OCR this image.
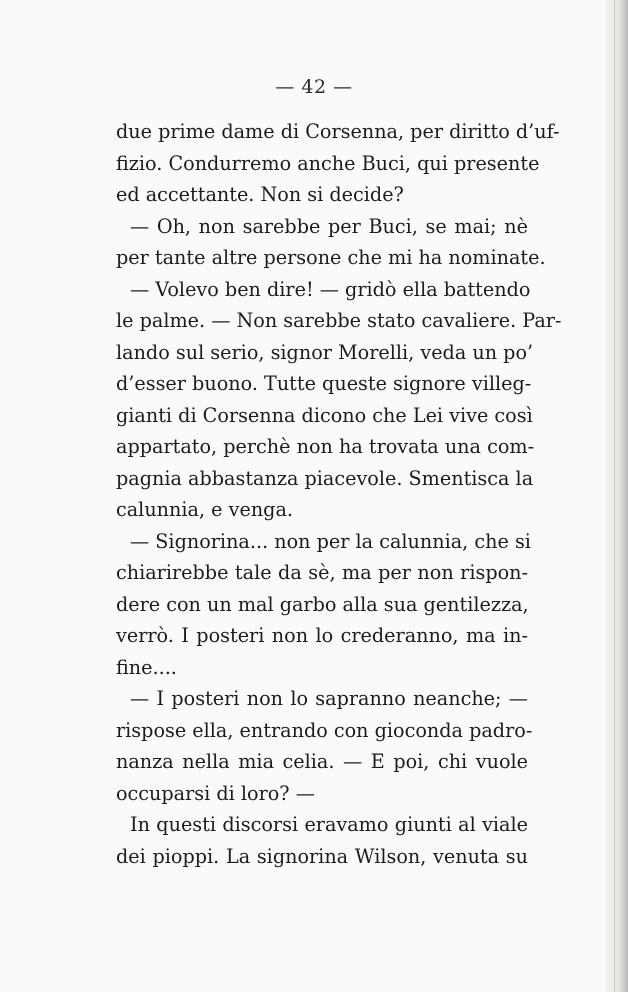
— 42 —
due prime dame di Corsenna, per diritto d’uf-
fizio. Condurremo anche Buci, qui presente
ed accettante. Non si decide?
— Oh, non sarebbe per Buci, se mai; nè
per tante altre persone che mi ha nominate.
— Volevo ben dire! — gridò ella battendo
le palme. — Non sarebbe stato cavaliere. Par-
lando sul serio, signor Morelli, veda un po’
d’esser buono. Tutte queste signore villeg-
gianti di Corsenna dicono che Lei vive così
appartato, perchè non ha trovata una com-
pagnia abbastanza piacevole. Smentisca la
calunnia, e venga.
— Signorina... non per la calunnia, che si
chiarirebbe tale da sè, ma per non rispon-
dere con un mal garbo alla sua gentilezza,
verrò. I posteri non lo crederanno, ma in-
fine....
— I posteri non lo sapranno neanche; —
rispose ella, entrando con gioconda padro-
nanza nella mia celia. — E poi, chi vuole
occuparsi di loro? —
In questi discorsi eravamo giunti al viale
dei pioppi. La signorina Wilson, venuta su
